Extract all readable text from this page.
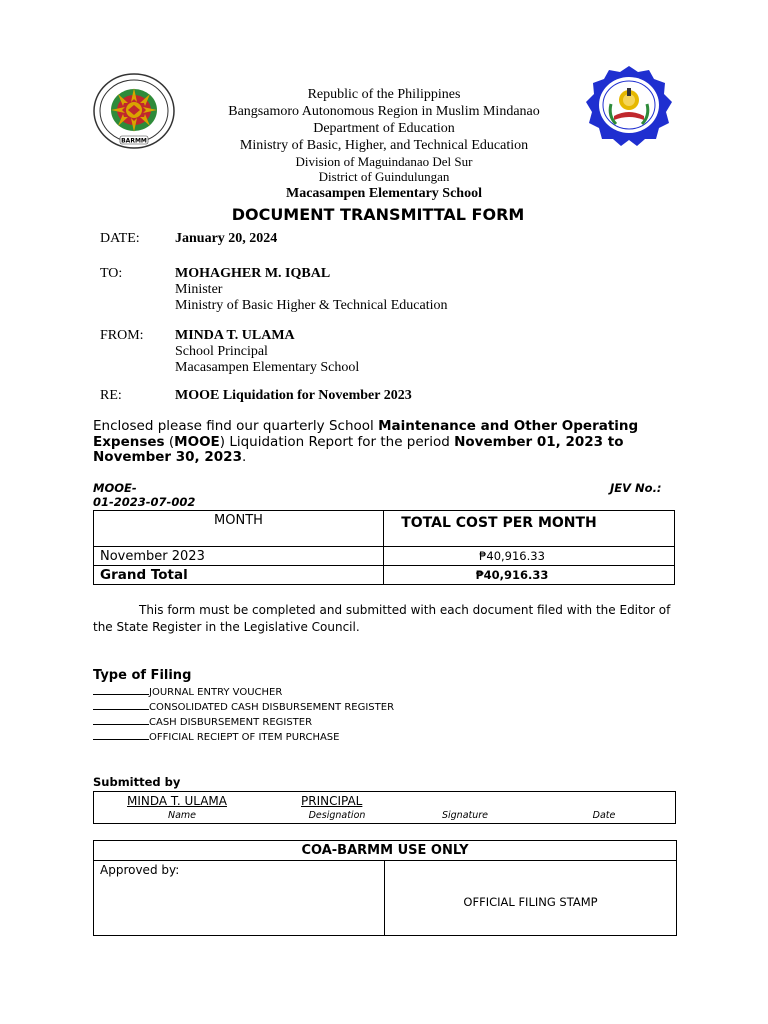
BARMM
Republic of the Philippines
Bangsamoro Autonomous Region in Muslim Mindanao
Department of Education
Ministry of Basic, Higher, and Technical Education
Division of Maguindanao Del Sur
District of Guindulungan
Macasampen Elementary School
DOCUMENT TRANSMITTAL FORM
DATE:	January 20, 2024
TO:	MOHAGHER M. IQBAL
Minister
Ministry of Basic Higher & Technical Education
FROM: MINDA T. ULAMA
School Principal
Macasampen Elementary School
RE:	MOOE Liquidation for November 2023
Enclosed please find our quarterly School Maintenance and Other Operating Expenses (MOOE) Liquidation Report for the period November 01, 2023 to November 30, 2023.
MOOE-
01-2023-07-002
JEV No.:
MONTH	TOTAL COST PER MONTH
November 2023	₱40,916.33
Grand Total	₱40,916.33
This form must be completed and submitted with each document filed with the Editor of the State Register in the Legislative Council.
Type of Filing
JOURNAL ENTRY VOUCHER
CONSOLIDATED CASH DISBURSEMENT REGISTER
CASH DISBURSEMENT REGISTER
OFFICIAL RECIEPT OF ITEM PURCHASE
Submitted by
MINDA T. ULAMA	PRINCIPAL
Name	Designation	Signature	Date
COA-BARMM USE ONLY
Approved by:
OFFICIAL FILING STAMP
